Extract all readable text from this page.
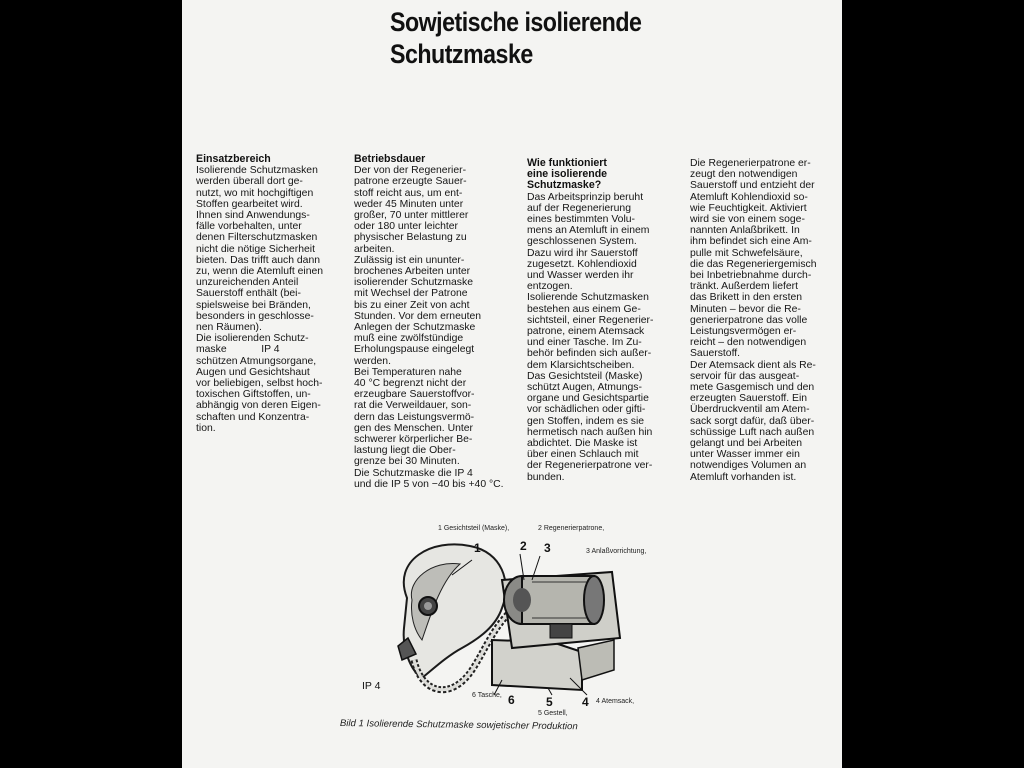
Sowjetische isolierende
Schutzmaske
Einsatzbereich

Isolierende Schutzmasken
werden überall dort ge-
nutzt, wo mit hochgiftigen
Stoffen gearbeitet wird.
Ihnen sind Anwendungs-
fälle vorbehalten, unter
denen Filterschutzmasken
nicht die nötige Sicherheit
bieten. Das trifft auch dann
zu, wenn die Atemluft einen
unzureichenden Anteil
Sauerstoff enthält (bei-
spielsweise bei Bränden,
besonders in geschlosse-
nen Räumen).
Die isolierenden Schutz-
maske            IP 4
schützen Atmungsorgane,
Augen und Gesichtshaut
vor beliebigen, selbst hoch-
toxischen Giftstoffen, un-
abhängig von deren Eigen-
schaften und Konzentra-
tion.

Betriebsdauer

Der von der Regenerier-
patrone erzeugte Sauer-
stoff reicht aus, um ent-
weder 45 Minuten unter
großer, 70 unter mittlerer
oder 180 unter leichter
physischer Belastung zu
arbeiten.
Zulässig ist ein ununter-
brochenes Arbeiten unter
isolierender Schutzmaske
mit Wechsel der Patrone
bis zu einer Zeit von acht
Stunden. Vor dem erneuten
Anlegen der Schutzmaske
muß eine zwölfstündige
Erholungspause eingelegt
werden.
Bei Temperaturen nahe
40 °C begrenzt nicht der
erzeugbare Sauerstoffvor-
rat die Verweildauer, son-
dern das Leistungsvermö-
gen des Menschen. Unter
schwerer körperlicher Be-
lastung liegt die Ober-
grenze bei 30 Minuten.
Die Schutzmaske die IP 4
und die IP 5 von −40 bis +40 °C.

Wie funktioniert
eine isolierende
Schutzmaske?

Das Arbeitsprinzip beruht
auf der Regenerierung
eines bestimmten Volu-
mens an Atemluft in einem
geschlossenen System.
Dazu wird ihr Sauerstoff
zugesetzt. Kohlendioxid
und Wasser werden ihr
entzogen.
Isolierende Schutzmasken
bestehen aus einem Ge-
sichtsteil, einer Regenerier-
patrone, einem Atemsack
und einer Tasche. Im Zu-
behör befinden sich außer-
dem Klarsichtscheiben.
Das Gesichtsteil (Maske)
schützt Augen, Atmungs-
organe und Gesichtspartie
vor schädlichen oder gifti-
gen Stoffen, indem es sie
hermetisch nach außen hin
abdichtet. Die Maske ist
über einen Schlauch mit
der Regenerierpatrone ver-
bunden.

Die Regenerierpatrone er-
zeugt den notwendigen
Sauerstoff und entzieht der
Atemluft Kohlendioxid so-
wie Feuchtigkeit. Aktiviert
wird sie von einem soge-
nannten Anlaßbrikett. In
ihm befindet sich eine Am-
pulle mit Schwefelsäure,
die das Regeneriergemisch
bei Inbetriebnahme durch-
tränkt. Außerdem liefert
das Brikett in den ersten
Minuten – bevor die Re-
generierpatrone das volle
Leistungsvermögen er-
reicht – den notwendigen
Sauerstoff.
Der Atemsack dient als Re-
servoir für das ausgeat-
mete Gasgemisch und den
erzeugten Sauerstoff. Ein
Überdruckventil am Atem-
sack sorgt dafür, daß über-
schüssige Luft nach außen
gelangt und bei Arbeiten
unter Wasser immer ein
notwendiges Volumen an
Atemluft vorhanden ist.

1 Gesichtsteil (Maske),	2 Regenerierpatrone,
3 Anlaßvorrichtung,
4 Atemsack,
5 Gestell,
6 Tasche,
1	2 3
4
5
6
IP 4
Bild 1 Isolierende Schutzmaske sowjetischer Produktion
